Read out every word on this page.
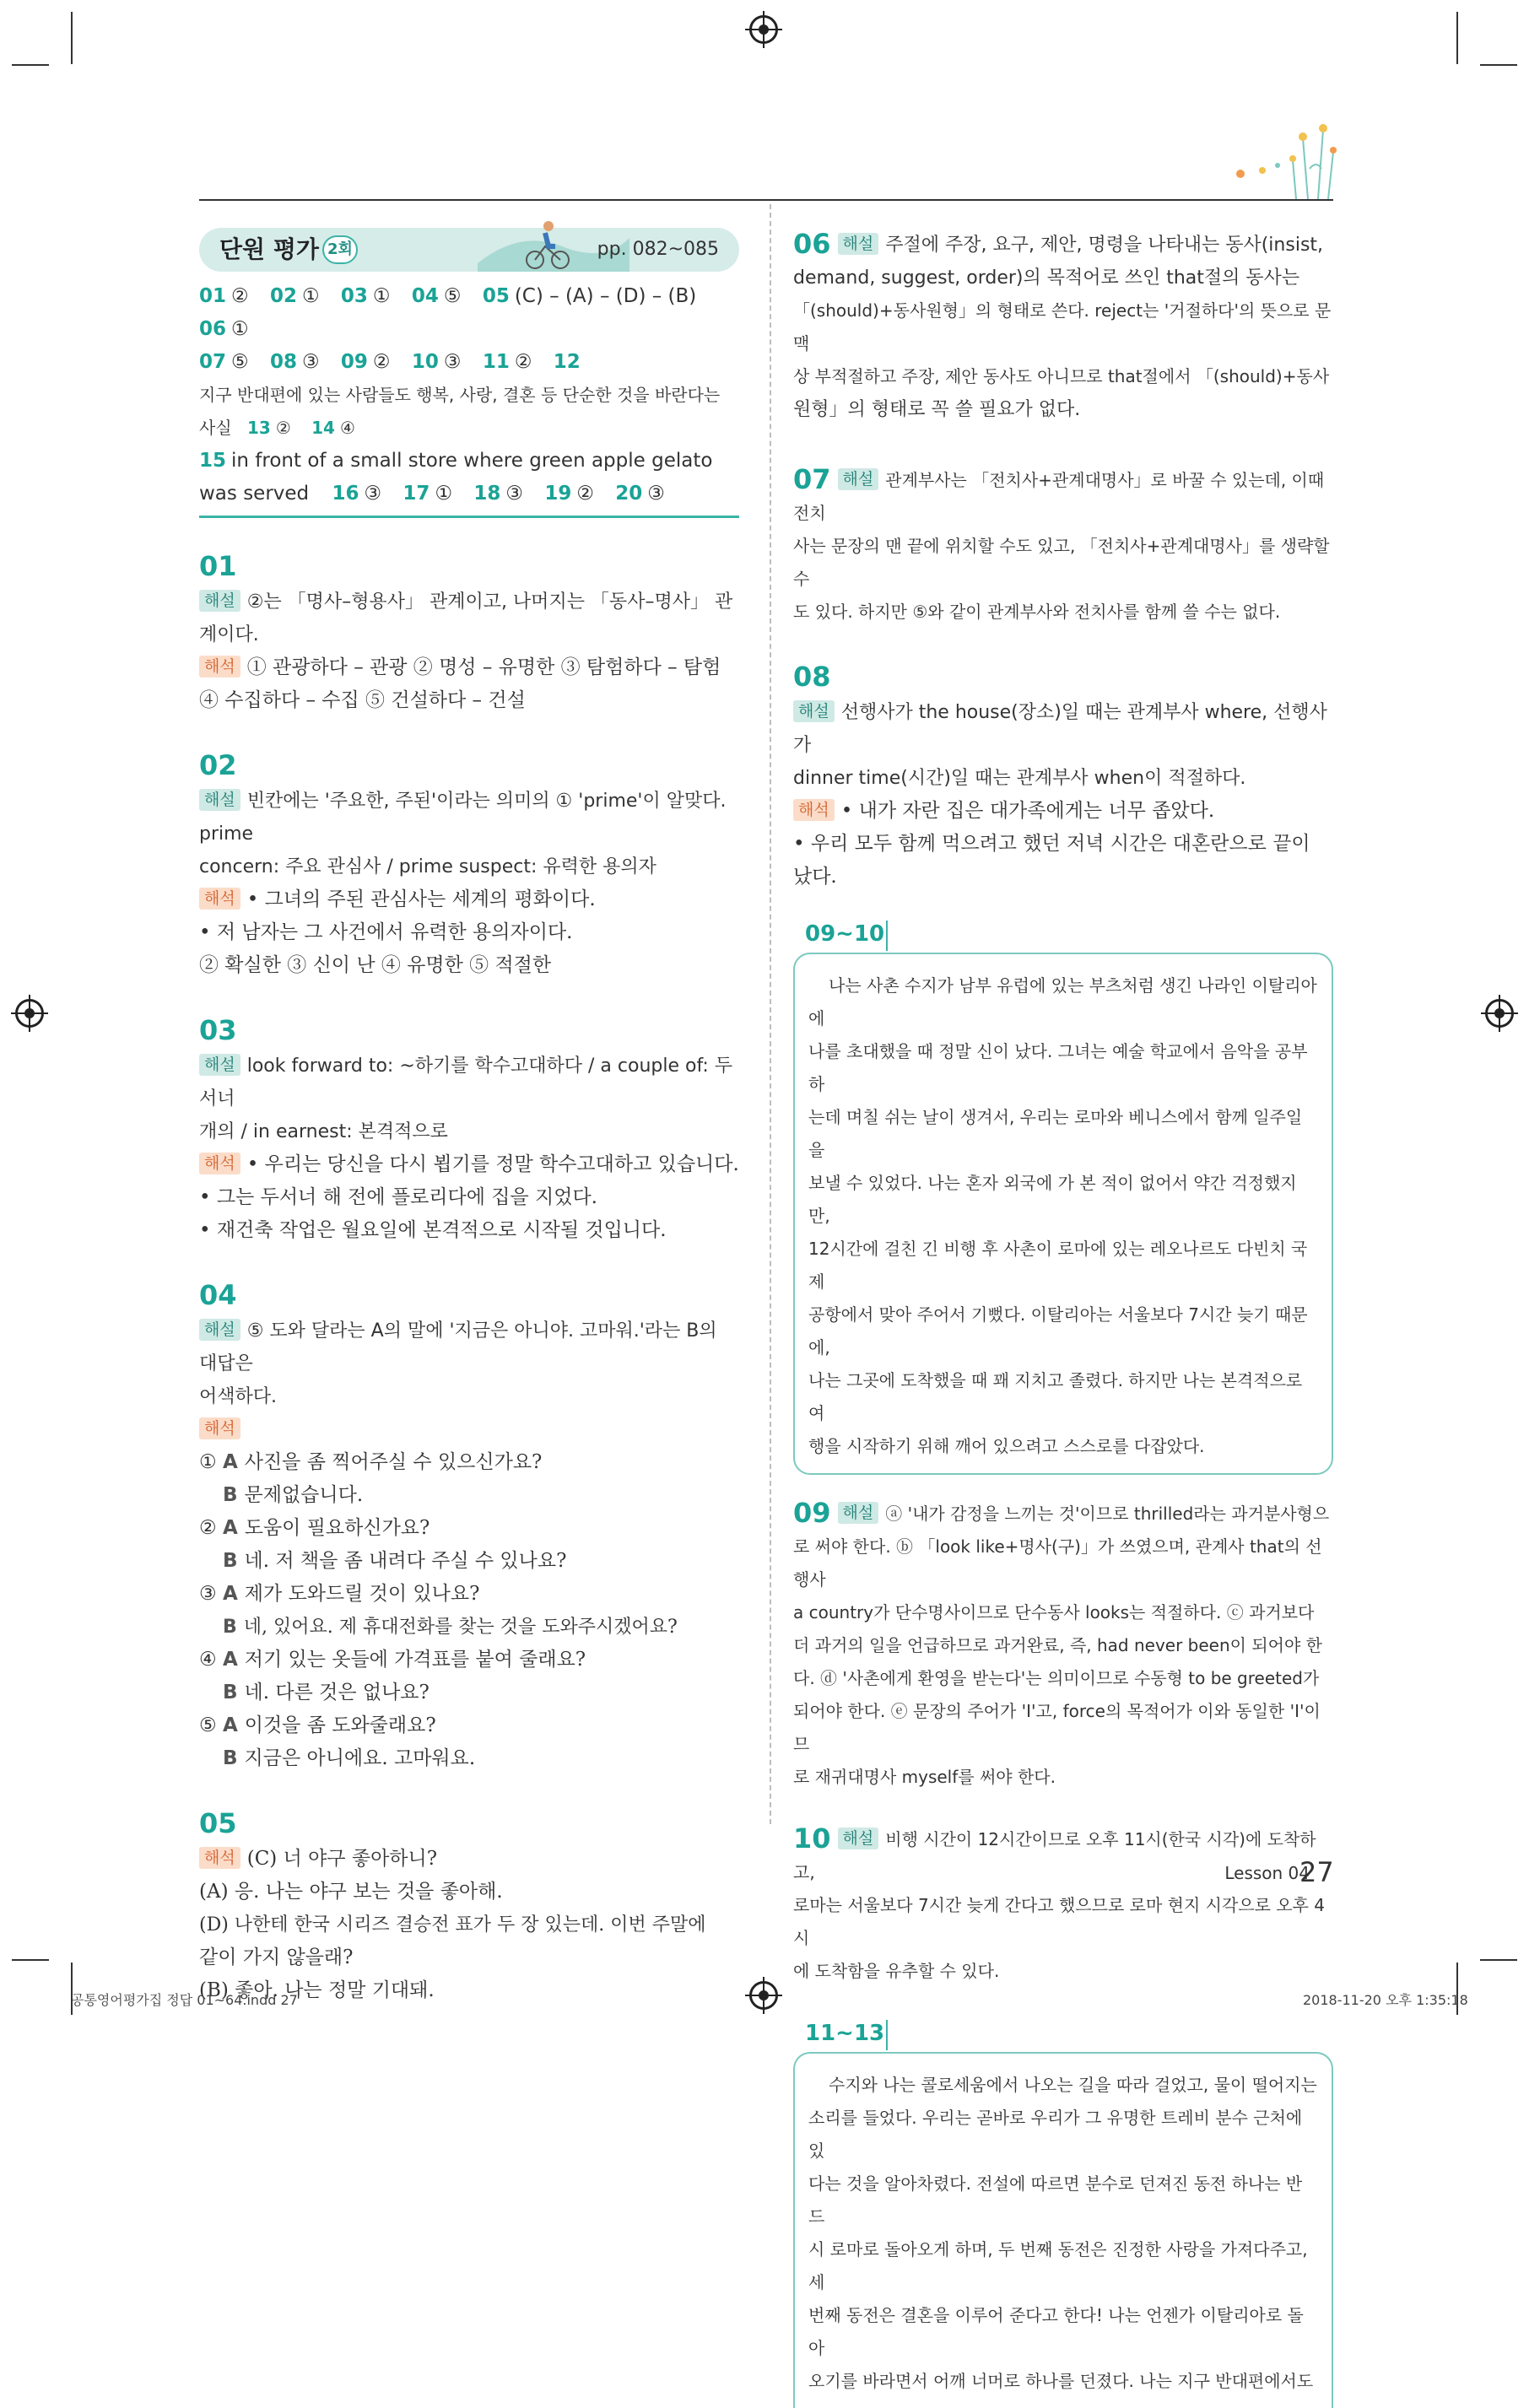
단원 평가 2회	pp. 082~085
01 ② 02 ① 03 ① 04 ⑤ 05 (C) – (A) – (D) – (B) 06 ①
07 ⑤ 08 ③ 09 ② 10 ③ 11 ② 12
지구 반대편에 있는 사람들도 행복, 사랑, 결혼 등 단순한 것을 바란다는 사실 13 ② 14 ④
15 in front of a small store where green apple gelato was served 16 ③ 17 ① 18 ③ 19 ② 20 ③
01
해설 ②는 「명사–형용사」 관계이고, 나머지는 「동사–명사」 관계이다.
해석 ① 관광하다 – 관광 ② 명성 – 유명한 ③ 탐험하다 – 탐험
④ 수집하다 – 수집 ⑤ 건설하다 – 건설
02
해설 빈칸에는 '주요한, 주된'이라는 의미의 ① 'prime'이 알맞다. prime
concern: 주요 관심사 / prime suspect: 유력한 용의자
해석 • 그녀의 주된 관심사는 세계의 평화이다.
• 저 남자는 그 사건에서 유력한 용의자이다.
② 확실한 ③ 신이 난 ④ 유명한 ⑤ 적절한
03
해설 look forward to: ~하기를 학수고대하다 / a couple of: 두서너
개의 / in earnest: 본격적으로
해석 • 우리는 당신을 다시 뵙기를 정말 학수고대하고 있습니다.
• 그는 두서너 해 전에 플로리다에 집을 지었다.
• 재건축 작업은 월요일에 본격적으로 시작될 것입니다.
04
해설 ⑤ 도와 달라는 A의 말에 '지금은 아니야. 고마워.'라는 B의 대답은
어색하다.
해석
① A 사진을 좀 찍어주실 수 있으신가요?
B 문제없습니다.
② A 도움이 필요하신가요?
B 네. 저 책을 좀 내려다 주실 수 있나요?
③ A 제가 도와드릴 것이 있나요?
B 네, 있어요. 제 휴대전화를 찾는 것을 도와주시겠어요?
④ A 저기 있는 옷들에 가격표를 붙여 줄래요?
B 네. 다른 것은 없나요?
⑤ A 이것을 좀 도와줄래요?
B 지금은 아니에요. 고마워요.
05
해석 (C) 너 야구 좋아하니?
(A) 응. 나는 야구 보는 것을 좋아해.
(D) 나한테 한국 시리즈 결승전 표가 두 장 있는데. 이번 주말에
같이 가지 않을래?
(B) 좋아. 나는 정말 기대돼.
06 해설 주절에 주장, 요구, 제안, 명령을 나타내는 동사(insist,
demand, suggest, order)의 목적어로 쓰인 that절의 동사는
「(should)+동사원형」의 형태로 쓴다. reject는 '거절하다'의 뜻으로 문맥
상 부적절하고 주장, 제안 동사도 아니므로 that절에서 「(should)+동사
원형」의 형태로 꼭 쓸 필요가 없다.
07 해설 관계부사는 「전치사+관계대명사」로 바꿀 수 있는데, 이때 전치
사는 문장의 맨 끝에 위치할 수도 있고, 「전치사+관계대명사」를 생략할 수
도 있다. 하지만 ⑤와 같이 관계부사와 전치사를 함께 쓸 수는 없다.
08
해설 선행사가 the house(장소)일 때는 관계부사 where, 선행사가
dinner time(시간)일 때는 관계부사 when이 적절하다.
해석 • 내가 자란 집은 대가족에게는 너무 좁았다.
• 우리 모두 함께 먹으려고 했던 저녁 시간은 대혼란으로 끝이
났다.
09~10
나는 사촌 수지가 남부 유럽에 있는 부츠처럼 생긴 나라인 이탈리아에
나를 초대했을 때 정말 신이 났다. 그녀는 예술 학교에서 음악을 공부하
는데 며칠 쉬는 날이 생겨서, 우리는 로마와 베니스에서 함께 일주일을
보낼 수 있었다. 나는 혼자 외국에 가 본 적이 없어서 약간 걱정했지만,
12시간에 걸친 긴 비행 후 사촌이 로마에 있는 레오나르도 다빈치 국제
공항에서 맞아 주어서 기뻤다. 이탈리아는 서울보다 7시간 늦기 때문에,
나는 그곳에 도착했을 때 꽤 지치고 졸렸다. 하지만 나는 본격적으로 여
행을 시작하기 위해 깨어 있으려고 스스로를 다잡았다.
09 해설 ⓐ '내가 감정을 느끼는 것'이므로 thrilled라는 과거분사형으
로 써야 한다. ⓑ 「look like+명사(구)」가 쓰였으며, 관계사 that의 선행사
a country가 단수명사이므로 단수동사 looks는 적절하다. ⓒ 과거보다
더 과거의 일을 언급하므로 과거완료, 즉, had never been이 되어야 한
다. ⓓ '사촌에게 환영을 받는다'는 의미이므로 수동형 to be greeted가
되어야 한다. ⓔ 문장의 주어가 'I'고, force의 목적어가 이와 동일한 'I'이므
로 재귀대명사 myself를 써야 한다.
10 해설 비행 시간이 12시간이므로 오후 11시(한국 시각)에 도착하고,
로마는 서울보다 7시간 늦게 간다고 했으므로 로마 현지 시각으로 오후 4시
에 도착함을 유추할 수 있다.
11~13
수지와 나는 콜로세움에서 나오는 길을 따라 걸었고, 물이 떨어지는
소리를 들었다. 우리는 곧바로 우리가 그 유명한 트레비 분수 근처에 있
다는 것을 알아차렸다. 전설에 따르면 분수로 던져진 동전 하나는 반드
시 로마로 돌아오게 하며, 두 번째 동전은 진정한 사랑을 가져다주고, 세
번째 동전은 결혼을 이루어 준다고 한다! 나는 언젠가 이탈리아로 돌아
오기를 바라면서 어깨 너머로 하나를 던졌다. 나는 지구 반대편에서도
Lesson 04
27
공통영어평가집 정답 01~64.indd 27	2018-11-20 오후 1:35:18
